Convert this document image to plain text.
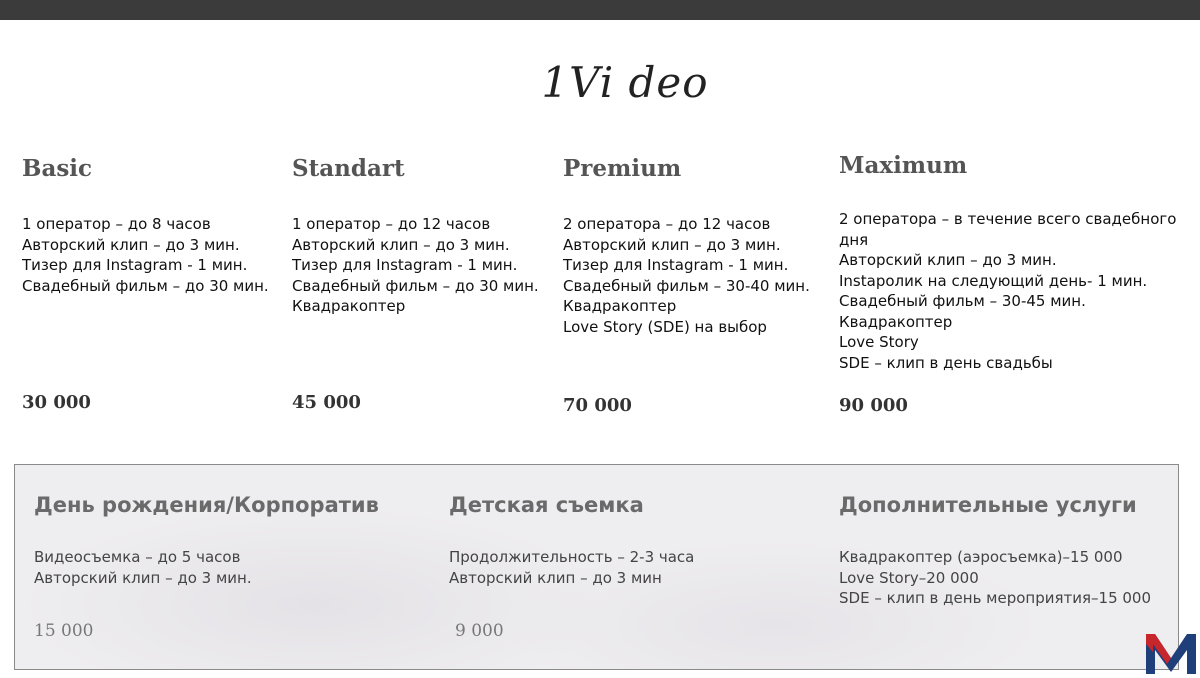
1Vi deo
Basic
1 оператор – до 8 часов
Авторский клип – до 3 мин.
Тизер для Instagram - 1 мин.
Свадебный фильм – до 30 мин.
30 000
Standart
1 оператор – до 12 часов
Авторский клип – до 3 мин.
Тизер для Instagram - 1 мин.
Свадебный фильм – до 30 мин.
Квадракоптер
45 000
Premium
2 оператора – до 12 часов
Авторский клип – до 3 мин.
Тизер для Instagram - 1 мин.
Свадебный фильм – 30-40 мин.
Квадракоптер
Love Story (SDE) на выбор
70 000
Maximum
2 оператора – в течение всего свадебного
дня
Авторский клип – до 3 мин.
Instaролик на следующий день- 1 мин.
Свадебный фильм – 30-45 мин.
Квадракоптер
Love Story
SDE – клип в день свадьбы
90 000
День рождения/Корпоратив
Видеосъемка – до 5 часов
Авторский клип – до 3 мин.
15 000
Детская съемка
Продолжительность – 2-3 часа
Авторский клип – до 3 мин
9 000
Дополнительные услуги
Квадракоптер (аэросъемка)–15 000
Love Story–20 000
SDE – клип в день мероприятия–15 000
